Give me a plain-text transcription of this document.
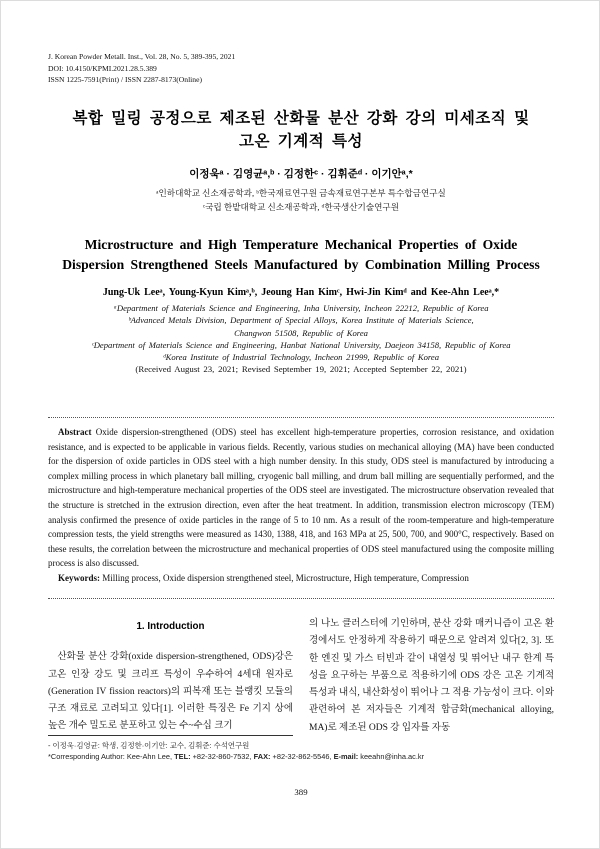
J. Korean Powder Metall. Inst., Vol. 28, No. 5, 389-395, 2021
DOI: 10.4150/KPMI.2021.28.5.389
ISSN 1225-7591(Print) / ISSN 2287-8173(Online)
복합 밀링 공정으로 제조된 산화물 분산 강화 강의 미세조직 및
고온 기계적 특성
이정욱ᵃ · 김영균ᵃ,ᵇ · 김정한ᶜ · 김휘준ᵈ · 이기안ᵃ,*
ᵃ인하대학교 신소재공학과, ᵇ한국재료연구원 금속재료연구본부 특수합금연구실
ᶜ국립 한밭대학교 신소재공학과, ᵈ한국생산기술연구원
Microstructure and High Temperature Mechanical Properties of Oxide
Dispersion Strengthened Steels Manufactured by Combination Milling Process
Jung-Uk Leeᵃ, Young-Kyun Kimᵃ,ᵇ, Jeoung Han Kimᶜ, Hwi-Jin Kimᵈ and Kee-Ahn Leeᵃ,*
ᵃDepartment of Materials Science and Engineering, Inha University, Incheon 22212, Republic of Korea
ᵇAdvanced Metals Division, Department of Special Alloys, Korea Institute of Materials Science,
Changwon 51508, Republic of Korea
ᶜDepartment of Materials Science and Engineering, Hanbat National University, Daejeon 34158, Republic of Korea
ᵈKorea Institute of Industrial Technology, Incheon 21999, Republic of Korea
(Received August 23, 2021; Revised September 19, 2021; Accepted September 22, 2021)

Abstract Oxide dispersion-strengthened (ODS) steel has excellent high-temperature properties, corrosion resistance, and oxidation resistance, and is expected to be applicable in various fields. Recently, various studies on mechanical alloying (MA) have been conducted for the dispersion of oxide particles in ODS steel with a high number density. In this study, ODS steel is manufactured by introducing a complex milling process in which planetary ball milling, cryogenic ball milling, and drum ball milling are sequentially performed, and the microstructure and high-temperature mechanical properties of the ODS steel are investigated. The microstructure observation revealed that the structure is stretched in the extrusion direction, even after the heat treatment. In addition, transmission electron microscopy (TEM) analysis confirmed the presence of oxide particles in the range of 5 to 10 nm. As a result of the room-temperature and high-temperature compression tests, the yield strengths were measured as 1430, 1388, 418, and 163 MPa at 25, 500, 700, and 900°C, respectively. Based on these results, the correlation between the microstructure and mechanical properties of ODS steel manufactured using the composite milling process is also discussed.

Keywords: Milling process, Oxide dispersion strengthened steel, Microstructure, High temperature, Compression

1. Introduction

산화물 분산 강화(oxide dispersion-strengthened, ODS)강은 고온 인장 강도 및 크리프 특성이 우수하여 4세대 원자로(Generation IV fission reactors)의 피복재 또는 블랭킷 모듈의 구조 재료로 고려되고 있다[1]. 이러한 특징은 Fe 기지 상에 높은 개수 밀도로 분포하고 있는 수~수십 크기

의 나노 클러스터에 기인하며, 분산 강화 매커니즘이 고온 환경에서도 안정하게 작용하기 때문으로 알려져 있다[2, 3]. 또한 엔진 및 가스 터빈과 같이 내열성 및 뛰어난 내구 한계 특성을 요구하는 부품으로 적용하기에 ODS 강은 고온 기계적 특성과 내식, 내산화성이 뛰어나 그 적용 가능성이 크다. 이와 관련하여 본 저자들은 기계적 합금화(mechanical alloying, MA)로 제조된 ODS 강 입자를 자동

- 이정욱·김영균: 학생, 김정한·이기안: 교수, 김휘준: 수석연구원

*Corresponding Author: Kee-Ahn Lee, TEL: +82-32-860-7532, FAX: +82-32-862-5546, E-mail: keeahn@inha.ac.kr

389
